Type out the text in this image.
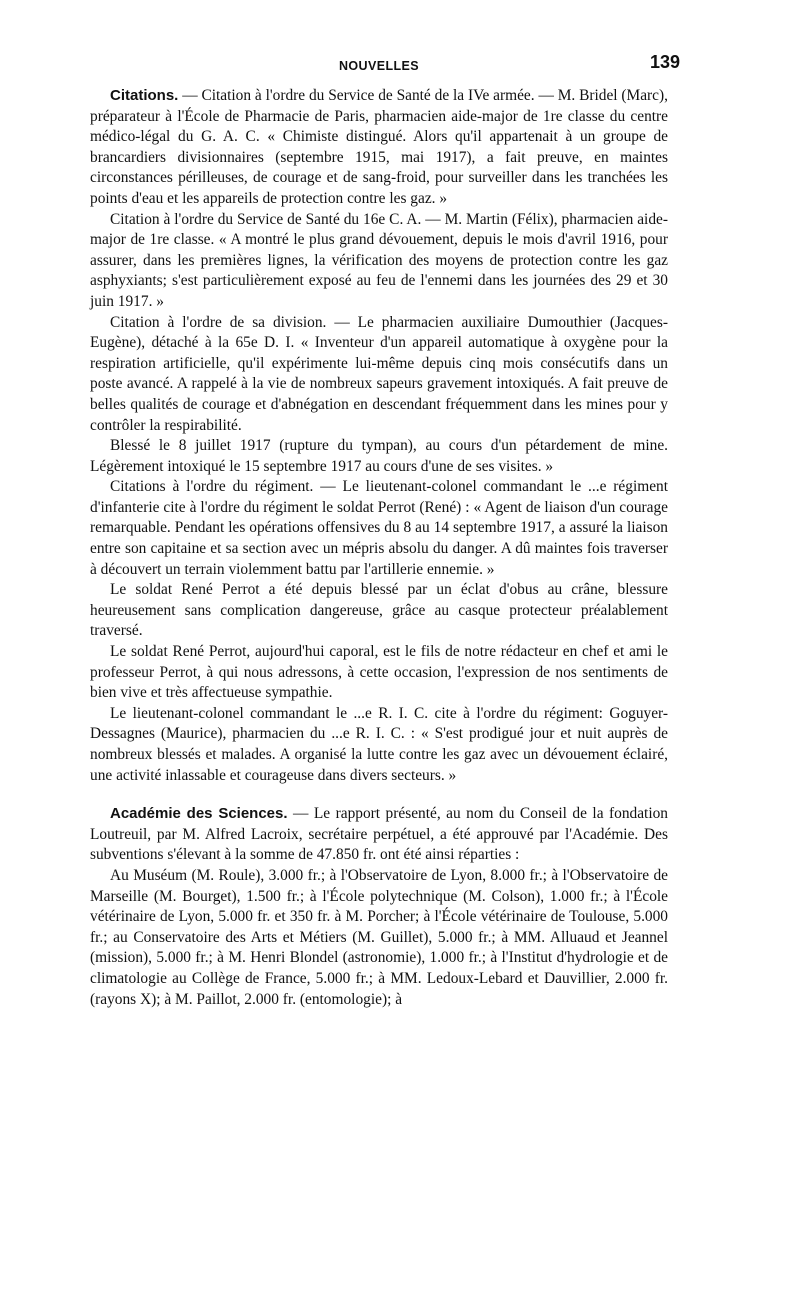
NOUVELLES	139

Citations. — Citation à l'ordre du Service de Santé de la IVe armée. — M. Bridel (Marc), préparateur à l'École de Pharmacie de Paris, pharmacien aide-major de 1re classe du centre médico-légal du G. A. C. « Chimiste distingué. Alors qu'il appartenait à un groupe de brancardiers divisionnaires (septembre 1915, mai 1917), a fait preuve, en maintes circonstances périlleuses, de courage et de sang-froid, pour surveiller dans les tranchées les points d'eau et les appareils de protection contre les gaz. »

Citation à l'ordre du Service de Santé du 16e C. A. — M. Martin (Félix), pharmacien aide-major de 1re classe. « A montré le plus grand dévouement, depuis le mois d'avril 1916, pour assurer, dans les premières lignes, la vérification des moyens de protection contre les gaz asphyxiants; s'est particulièrement exposé au feu de l'ennemi dans les journées des 29 et 30 juin 1917. »

Citation à l'ordre de sa division. — Le pharmacien auxiliaire Dumouthier (Jacques-Eugène), détaché à la 65e D. I. « Inventeur d'un appareil automatique à oxygène pour la respiration artificielle, qu'il expérimente lui-même depuis cinq mois consécutifs dans un poste avancé. A rappelé à la vie de nombreux sapeurs gravement intoxiqués. A fait preuve de belles qualités de courage et d'abnégation en descendant fréquemment dans les mines pour y contrôler la respirabilité.

Blessé le 8 juillet 1917 (rupture du tympan), au cours d'un pétardement de mine. Légèrement intoxiqué le 15 septembre 1917 au cours d'une de ses visites. »

Citations à l'ordre du régiment. — Le lieutenant-colonel commandant le ...e régiment d'infanterie cite à l'ordre du régiment le soldat Perrot (René) : « Agent de liaison d'un courage remarquable. Pendant les opérations offensives du 8 au 14 septembre 1917, a assuré la liaison entre son capitaine et sa section avec un mépris absolu du danger. A dû maintes fois traverser à découvert un terrain violemment battu par l'artillerie ennemie. »

Le soldat René Perrot a été depuis blessé par un éclat d'obus au crâne, blessure heureusement sans complication dangereuse, grâce au casque protecteur préalablement traversé.

Le soldat René Perrot, aujourd'hui caporal, est le fils de notre rédacteur en chef et ami le professeur Perrot, à qui nous adressons, à cette occasion, l'expression de nos sentiments de bien vive et très affectueuse sympathie.

Le lieutenant-colonel commandant le ...e R. I. C. cite à l'ordre du régiment: Goguyer-Dessagnes (Maurice), pharmacien du ...e R. I. C. : « S'est prodigué jour et nuit auprès de nombreux blessés et malades. A organisé la lutte contre les gaz avec un dévouement éclairé, une activité inlassable et courageuse dans divers secteurs. »

Académie des Sciences. — Le rapport présenté, au nom du Conseil de la fondation Loutreuil, par M. Alfred Lacroix, secrétaire perpétuel, a été approuvé par l'Académie. Des subventions s'élevant à la somme de 47.850 fr. ont été ainsi réparties :

Au Muséum (M. Roule), 3.000 fr.; à l'Observatoire de Lyon, 8.000 fr.; à l'Observatoire de Marseille (M. Bourget), 1.500 fr.; à l'École polytechnique (M. Colson), 1.000 fr.; à l'École vétérinaire de Lyon, 5.000 fr. et 350 fr. à M. Porcher; à l'École vétérinaire de Toulouse, 5.000 fr.; au Conservatoire des Arts et Métiers (M. Guillet), 5.000 fr.; à MM. Alluaud et Jeannel (mission), 5.000 fr.; à M. Henri Blondel (astronomie), 1.000 fr.; à l'Institut d'hydrologie et de climatologie au Collège de France, 5.000 fr.; à MM. Ledoux-Lebard et Dauvillier, 2.000 fr. (rayons X); à M. Paillot, 2.000 fr. (entomologie); à
